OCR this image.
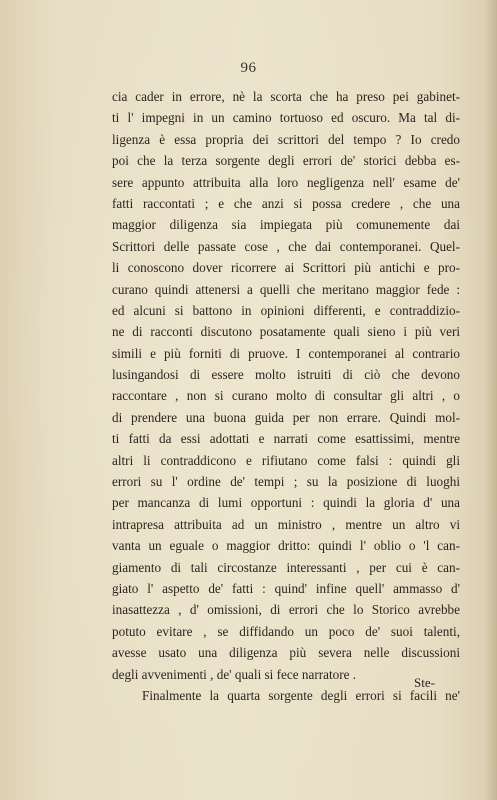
96
cia cader in errore, nè la scorta che ha preso pei gabinet-
ti l' impegni in un camino tortuoso ed oscuro. Ma tal di-
ligenza è essa propria dei scrittori del tempo ? Io credo
poi che la terza sorgente degli errori de' storici debba es-
sere appunto attribuita alla loro negligenza nell' esame de'
fatti raccontati ; e che anzi si possa credere , che una
maggior diligenza sia impiegata più comunemente dai
Scrittori delle passate cose , che dai contemporanei. Quel-
li conoscono dover ricorrere ai Scrittori più antichi e pro-
curano quindi attenersi a quelli che meritano maggior fede :
ed alcuni si battono in opinioni differenti, e contraddizio-
ne di racconti discutono posatamente quali sieno i più veri
simili e più forniti di pruove. I contemporanei al contrario
lusingandosi di essere molto istruiti di ciò che devono
raccontare , non si curano molto di consultar gli altri , o
di prendere una buona guida per non errare. Quindi mol-
ti fatti da essi adottati e narrati come esattissimi, mentre
altri li contraddicono e rifiutano come falsi : quindi gli
errori su l' ordine de' tempi ; su la posizione di luoghi
per mancanza di lumi opportuni : quindi la gloria d' una
intrapresa attribuita ad un ministro , mentre un altro vi
vanta un eguale o maggior dritto: quindi l' oblio o 'l can-
giamento di tali circostanze interessanti , per cui è can-
giato l' aspetto de' fatti : quind' infine quell' ammasso d'
inasattezza , d' omissioni, di errori che lo Storico avrebbe
potuto evitare , se diffidando un poco de' suoi talenti,
avesse usato una diligenza più severa nelle discussioni
degli avvenimenti , de' quali si fece narratore .
Finalmente la quarta sorgente degli errori si facili ne'
Ste-
